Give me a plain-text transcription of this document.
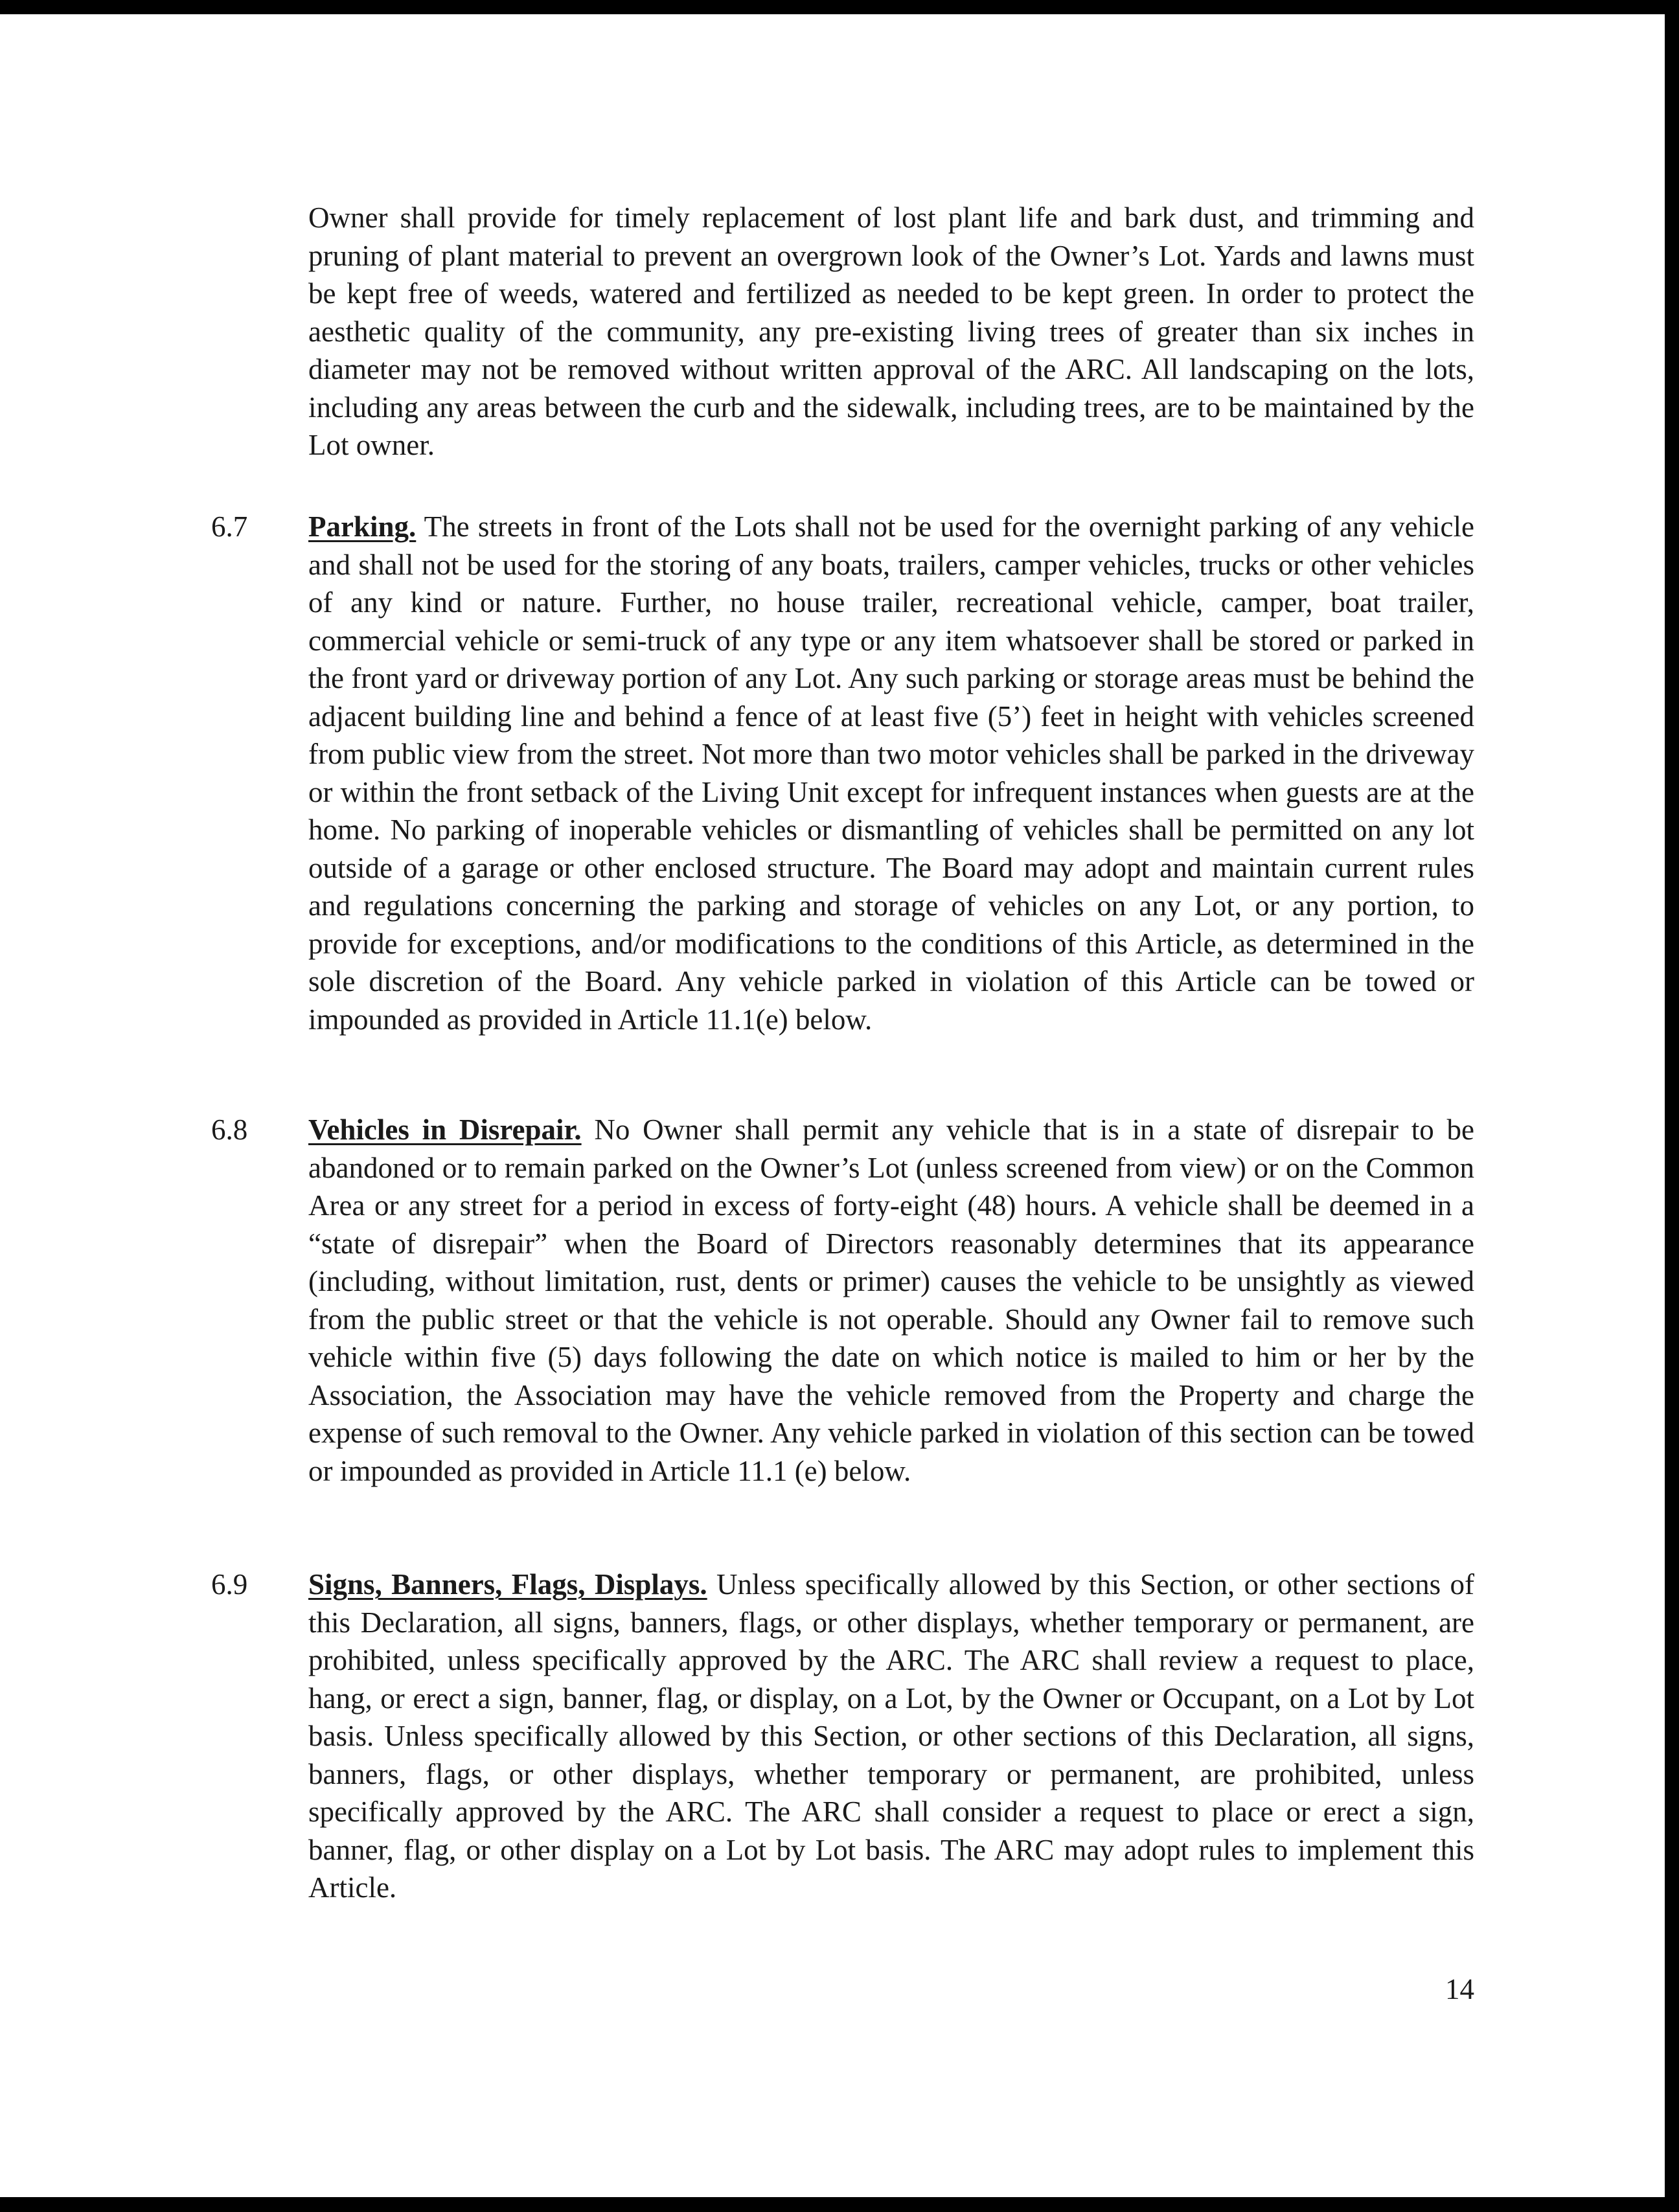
Owner shall provide for timely replacement of lost plant life and bark dust, and trimming and pruning of plant material to prevent an overgrown look of the Owner’s Lot. Yards and lawns must be kept free of weeds, watered and fertilized as needed to be kept green. In order to protect the aesthetic quality of the community, any pre-existing living trees of greater than six inches in diameter may not be removed without written approval of the ARC. All landscaping on the lots, including any areas between the curb and the sidewalk, including trees, are to be maintained by the Lot owner.

6.7 Parking. The streets in front of the Lots shall not be used for the overnight parking of any vehicle and shall not be used for the storing of any boats, trailers, camper vehicles, trucks or other vehicles of any kind or nature. Further, no house trailer, recreational vehicle, camper, boat trailer, commercial vehicle or semi-truck of any type or any item whatsoever shall be stored or parked in the front yard or driveway portion of any Lot. Any such parking or storage areas must be behind the adjacent building line and behind a fence of at least five (5’) feet in height with vehicles screened from public view from the street. Not more than two motor vehicles shall be parked in the driveway or within the front setback of the Living Unit except for infrequent instances when guests are at the home. No parking of inoperable vehicles or dismantling of vehicles shall be permitted on any lot outside of a garage or other enclosed structure. The Board may adopt and maintain current rules and regulations concerning the parking and storage of vehicles on any Lot, or any portion, to provide for exceptions, and/or modifications to the conditions of this Article, as determined in the sole discretion of the Board. Any vehicle parked in violation of this Article can be towed or impounded as provided in Article 11.1(e) below.

6.8 Vehicles in Disrepair. No Owner shall permit any vehicle that is in a state of disrepair to be abandoned or to remain parked on the Owner’s Lot (unless screened from view) or on the Common Area or any street for a period in excess of forty-eight (48) hours. A vehicle shall be deemed in a “state of disrepair” when the Board of Directors reasonably determines that its appearance (including, without limitation, rust, dents or primer) causes the vehicle to be unsightly as viewed from the public street or that the vehicle is not operable. Should any Owner fail to remove such vehicle within five (5) days following the date on which notice is mailed to him or her by the Association, the Association may have the vehicle removed from the Property and charge the expense of such removal to the Owner. Any vehicle parked in violation of this section can be towed or impounded as provided in Article 11.1 (e) below.

6.9 Signs, Banners, Flags, Displays. Unless specifically allowed by this Section, or other sections of this Declaration, all signs, banners, flags, or other displays, whether temporary or permanent, are prohibited, unless specifically approved by the ARC. The ARC shall review a request to place, hang, or erect a sign, banner, flag, or display, on a Lot, by the Owner or Occupant, on a Lot by Lot basis. Unless specifically allowed by this Section, or other sections of this Declaration, all signs, banners, flags, or other displays, whether temporary or permanent, are prohibited, unless specifically approved by the ARC. The ARC shall consider a request to place or erect a sign, banner, flag, or other display on a Lot by Lot basis. The ARC may adopt rules to implement this Article.

14
